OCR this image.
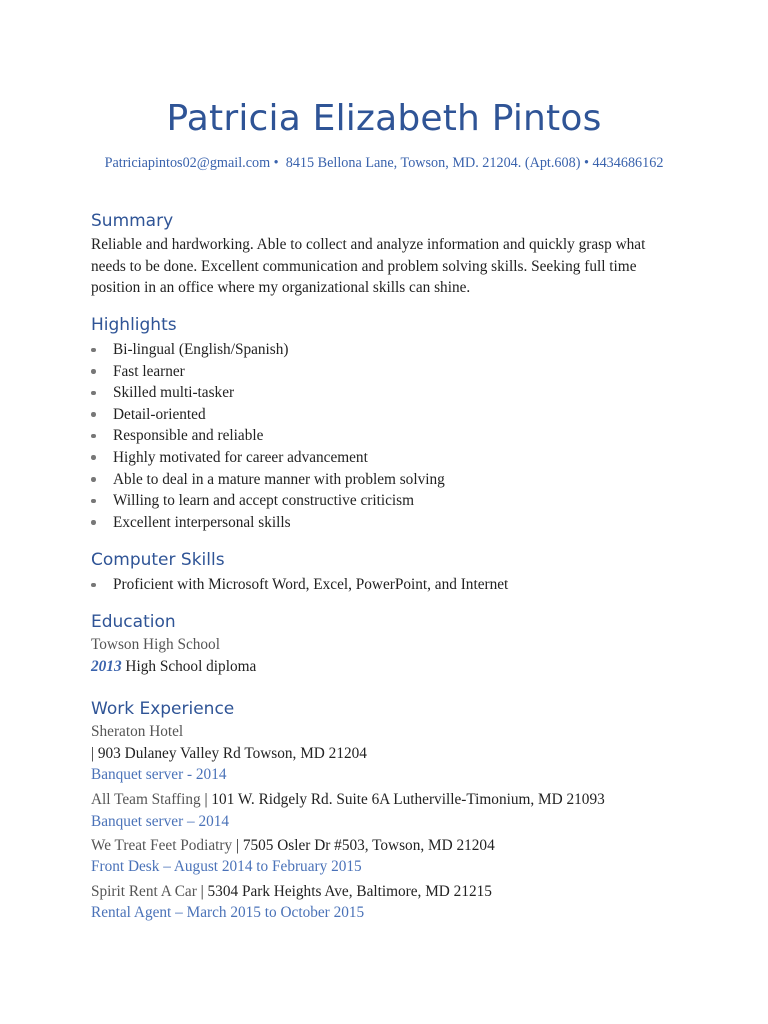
Patricia Elizabeth Pintos
Patriciapintos02@gmail.com • 8415 Bellona Lane, Towson, MD. 21204. (Apt.608) • 4434686162
Summary
Reliable and hardworking. Able to collect and analyze information and quickly grasp what needs to be done. Excellent communication and problem solving skills. Seeking full time position in an office where my organizational skills can shine.
Highlights
Bi-lingual (English/Spanish)
Fast learner
Skilled multi-tasker
Detail-oriented
Responsible and reliable
Highly motivated for career advancement
Able to deal in a mature manner with problem solving
Willing to learn and accept constructive criticism
Excellent interpersonal skills
Computer Skills
Proficient with Microsoft Word, Excel, PowerPoint, and Internet
Education
Towson High School
2013 High School diploma
Work Experience
Sheraton Hotel
| 903 Dulaney Valley Rd Towson, MD 21204
Banquet server - 2014
All Team Staffing | 101 W. Ridgely Rd. Suite 6A Lutherville-Timonium, MD 21093
Banquet server – 2014
We Treat Feet Podiatry | 7505 Osler Dr #503, Towson, MD 21204
Front Desk – August 2014 to February 2015
Spirit Rent A Car | 5304 Park Heights Ave, Baltimore, MD 21215
Rental Agent – March 2015 to October 2015
